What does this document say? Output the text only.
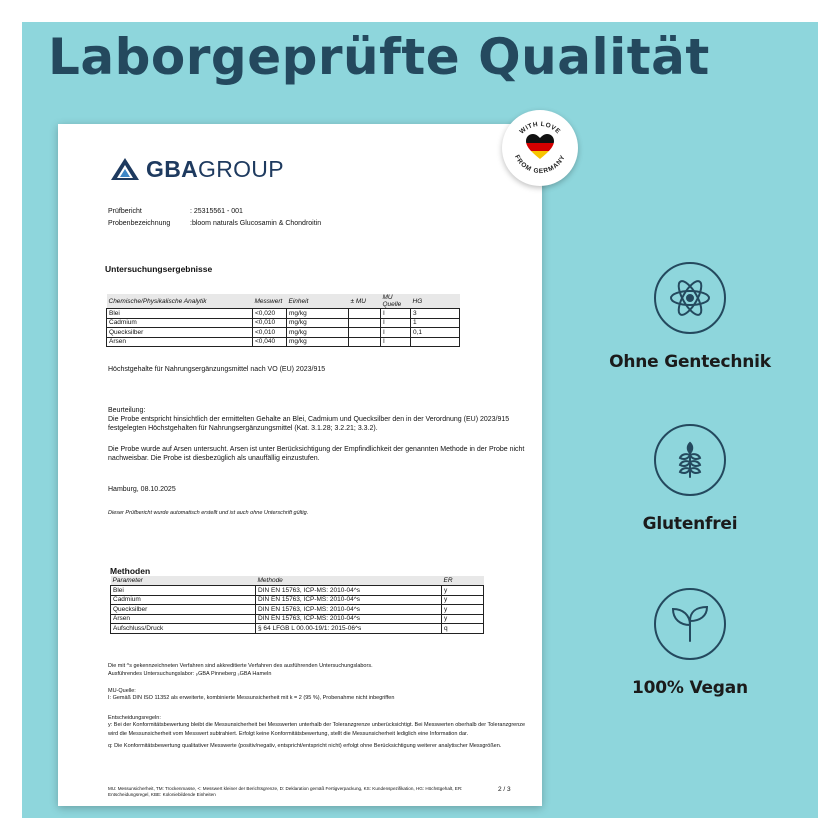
Laborgeprüfte Qualität
GBAGROUP
Prüfbericht	: 25315561 - 001
Probenbezeichnung	:bloom naturals Glucosamin & Chondroitin
Untersuchungsergebnisse
Chemische/Physikalische Analytik	Messwert	Einheit	± MU	MU Quelle	HG
Blei	<0,020	mg/kg		I	3
Cadmium	<0,010	mg/kg		I	1
Quecksilber	<0,010	mg/kg		I	0,1
Arsen	<0,040	mg/kg		I	
Höchstgehalte für Nahrungsergänzungsmittel nach VO (EU) 2023/915
Beurteilung:
Die Probe entspricht hinsichtlich der ermittelten Gehalte an Blei, Cadmium und Quecksilber den in der Verordnung (EU) 2023/915 festgelegten Höchstgehalten für Nahrungsergänzungsmittel (Kat. 3.1.28; 3.2.21; 3.3.2).
Die Probe wurde auf Arsen untersucht. Arsen ist unter Berücksichtigung der Empfindlichkeit der genannten Methode in der Probe nicht nachweisbar. Die Probe ist diesbezüglich als unauffällig einzustufen.
Hamburg, 08.10.2025
Dieser Prüfbericht wurde automatisch erstellt und ist auch ohne Unterschrift gültig.
Methoden
Parameter	Methode	ER
Blei	DIN EN 15763, ICP-MS: 2010-04^s	y
Cadmium	DIN EN 15763, ICP-MS: 2010-04^s	y
Quecksilber	DIN EN 15763, ICP-MS: 2010-04^s	y
Arsen	DIN EN 15763, ICP-MS: 2010-04^s	y
Aufschluss/Druck	§ 64 LFGB L 00.00-19/1: 2015-06^s	q
Die mit ^s gekennzeichneten Verfahren sind akkreditierte Verfahren des ausführenden Untersuchungslabors.
Ausführendes Untersuchungslabor: ₚGBA Pinneberg ₛGBA Hameln
MU-Quelle:
I: Gemäß DIN ISO 11352 als erweiterte, kombinierte Messunsicherheit mit k = 2 (95 %), Probenahme nicht inbegriffen
Entscheidungsregeln:
y: Bei der Konformitätsbewertung bleibt die Messunsicherheit bei Messwerten unterhalb der Toleranzgrenze unberücksichtigt. Bei Messwerten oberhalb der Toleranzgrenze wird die Messunsicherheit vom Messwert subtrahiert. Erfolgt keine Konformitätsbewertung, stellt die Messunsicherheit lediglich eine Information dar.
q: Die Konformitätsbewertung qualitativer Messwerte (positiv/negativ, entspricht/entspricht nicht) erfolgt ohne Berücksichtigung weiterer analytischer Messgrößen.
MU: Messunsicherheit, TM: Trockenmasse, <: Messwert kleiner der Berichtsgrenze, D: Deklaration gemäß Fertigverpackung, KS: Kundenspezifikation, HG: Höchstgehalt, ER: Entscheidungsregel, KBE: Koloniebildende Einheiten
2 / 3
WITH LOVE
FROM GERMANY
Ohne Gentechnik
Glutenfrei
100% Vegan
